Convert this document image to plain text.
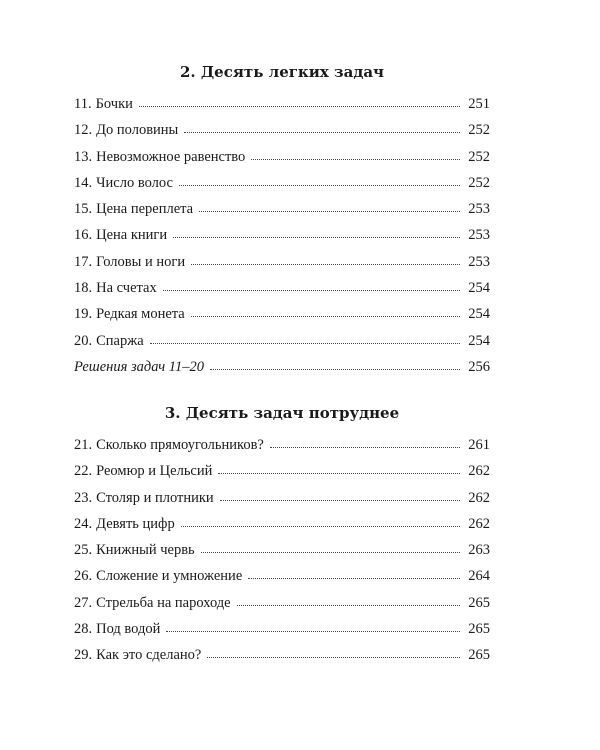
2. Десять легких задач
11. Бочки	251
12. До половины	252
13. Невозможное равенство	252
14. Число волос	252
15. Цена переплета	253
16. Цена книги	253
17. Головы и ноги	253
18. На счетах	254
19. Редкая монета	254
20. Спаржа	254
Решения задач 11–20	256
3. Десять задач потруднее
21. Сколько прямоугольников?	261
22. Реомюр и Цельсий	262
23. Столяр и плотники	262
24. Девять цифр	262
25. Книжный червь	263
26. Сложение и умножение	264
27. Стрельба на пароходе	265
28. Под водой	265
29. Как это сделано?	265
